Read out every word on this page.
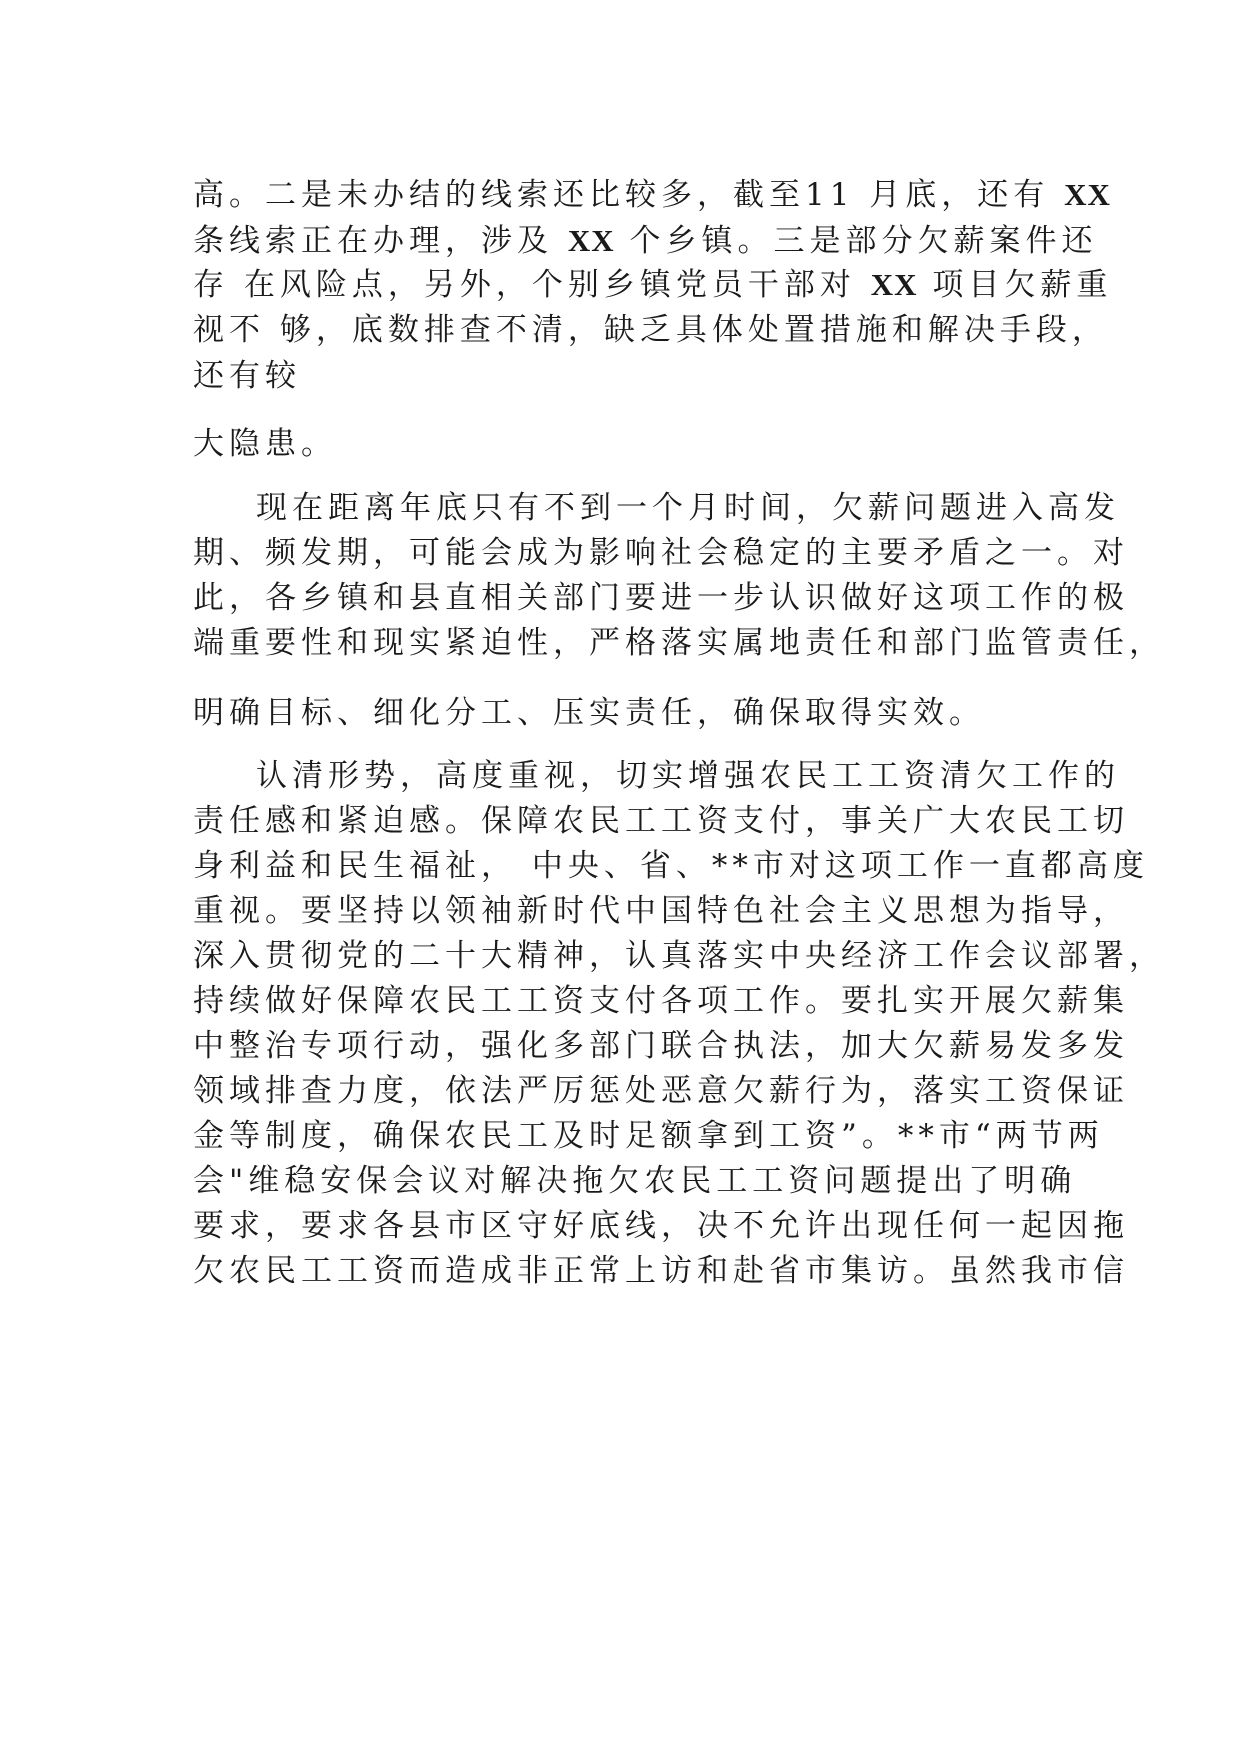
高。二是未办结的线索还比较多，截至11 月底，还有 XX
条线索正在办理，涉及 XX 个乡镇。三是部分欠薪案件还
存 在风险点，另外，个别乡镇党员干部对 XX 项目欠薪重
视不 够，底数排查不清，缺乏具体处置措施和解决手段，
还有较
大隐患。
现在距离年底只有不到一个月时间，欠薪问题进入高发
期、频发期，可能会成为影响社会稳定的主要矛盾之一。对
此，各乡镇和县直相关部门要进一步认识做好这项工作的极
端重要性和现实紧迫性，严格落实属地责任和部门监管责任，
明确目标、细化分工、压实责任，确保取得实效。
认清形势，高度重视，切实增强农民工工资清欠工作的
责任感和紧迫感。保障农民工工资支付，事关广大农民工切
身利益和民生福祉， 中央、省、**市对这项工作一直都高度
重视。要坚持以领袖新时代中国特色社会主义思想为指导，
深入贯彻党的二十大精神，认真落实中央经济工作会议部署，
持续做好保障农民工工资支付各项工作。要扎实开展欠薪集
中整治专项行动，强化多部门联合执法，加大欠薪易发多发
领域排查力度，依法严厉惩处恶意欠薪行为，落实工资保证
金等制度，确保农民工及时足额拿到工资”。**市“两节两
会"维稳安保会议对解决拖欠农民工工资问题提出了明确
要求，要求各县市区守好底线，决不允许出现任何一起因拖
欠农民工工资而造成非正常上访和赴省市集访。虽然我市信
